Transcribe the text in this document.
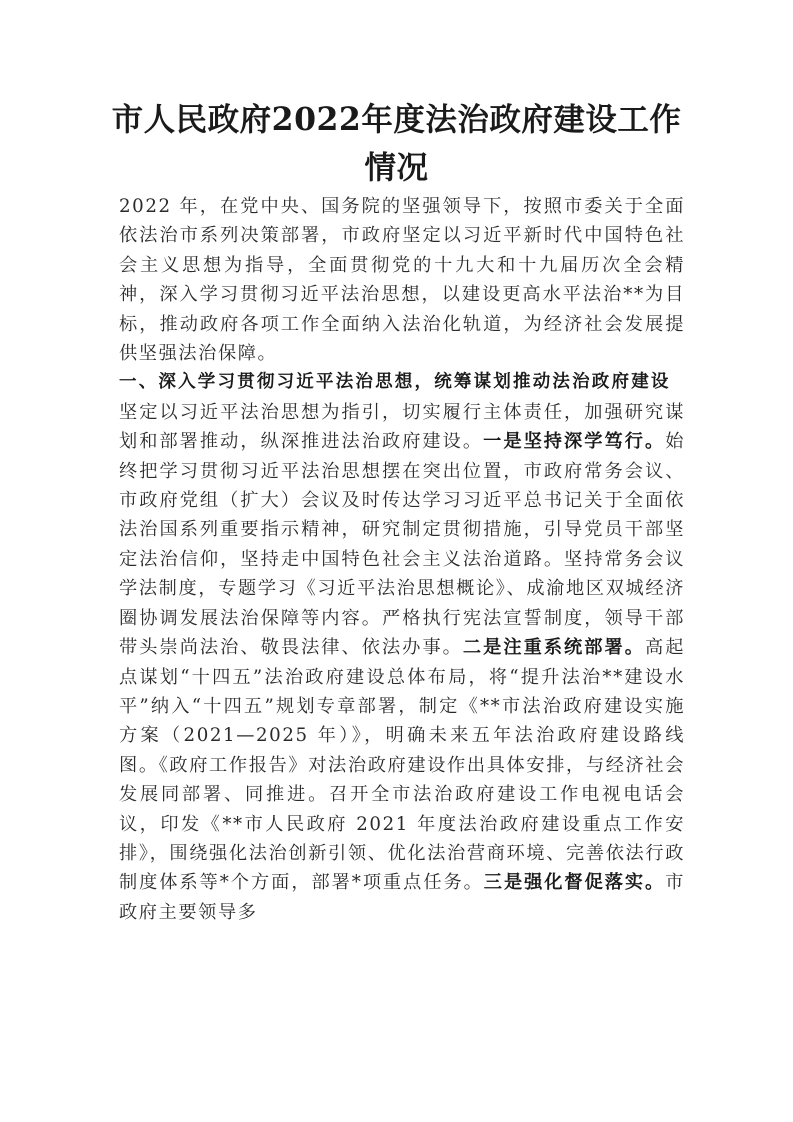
市人民政府2022年度法治政府建设工作情况

2022 年，在党中央、国务院的坚强领导下，按照市委关于全面依法治市系列决策部署，市政府坚定以习近平新时代中国特色社会主义思想为指导，全面贯彻党的十九大和十九届历次全会精神，深入学习贯彻习近平法治思想，以建设更高水平法治**为目标，推动政府各项工作全面纳入法治化轨道，为经济社会发展提供坚强法治保障。

一、深入学习贯彻习近平法治思想，统筹谋划推动法治政府建设

坚定以习近平法治思想为指引，切实履行主体责任，加强研究谋划和部署推动，纵深推进法治政府建设。一是坚持深学笃行。始终把学习贯彻习近平法治思想摆在突出位置，市政府常务会议、市政府党组（扩大）会议及时传达学习习近平总书记关于全面依法治国系列重要指示精神，研究制定贯彻措施，引导党员干部坚定法治信仰，坚持走中国特色社会主义法治道路。坚持常务会议学法制度，专题学习《习近平法治思想概论》、成渝地区双城经济圈协调发展法治保障等内容。严格执行宪法宣誓制度，领导干部带头崇尚法治、敬畏法律、依法办事。二是注重系统部署。高起点谋划“十四五”法治政府建设总体布局，将“提升法治**建设水平”纳入“十四五”规划专章部署，制定《**市法治政府建设实施方案（2021—2025 年）》，明确未来五年法治政府建设路线图。《政府工作报告》对法治政府建设作出具体安排，与经济社会发展同部署、同推进。召开全市法治政府建设工作电视电话会议，印发《**市人民政府 2021 年度法治政府建设重点工作安排》，围绕强化法治创新引领、优化法治营商环境、完善依法行政制度体系等*个方面，部署*项重点任务。三是强化督促落实。市政府主要领导多
